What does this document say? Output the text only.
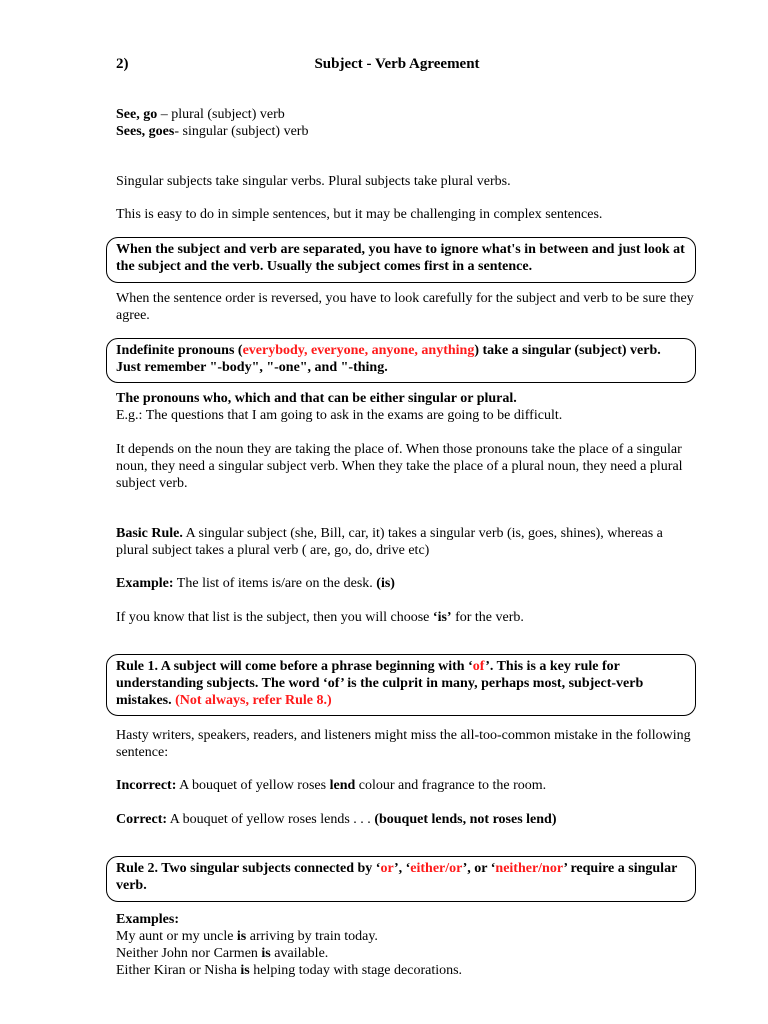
2)	Subject - Verb Agreement
See, go – plural (subject) verb
Sees, goes- singular (subject) verb
Singular subjects take singular verbs. Plural subjects take plural verbs.
This is easy to do in simple sentences, but it may be challenging in complex sentences.
When the subject and verb are separated, you have to ignore what's in between and just look at the subject and the verb. Usually the subject comes first in a sentence.
When the sentence order is reversed, you have to look carefully for the subject and verb to be sure they agree.
Indefinite pronouns (everybody, everyone, anyone, anything) take a singular (subject) verb. Just remember "-body", "-one", and "-thing.
The pronouns who, which and that can be either singular or plural.
E.g.: The questions that I am going to ask in the exams are going to be difficult.
It depends on the noun they are taking the place of. When those pronouns take the place of a singular noun, they need a singular subject verb. When they take the place of a plural noun, they need a plural subject verb.
Basic Rule. A singular subject (she, Bill, car, it) takes a singular verb (is, goes, shines), whereas a plural subject takes a plural verb ( are, go, do, drive etc)
Example: The list of items is/are on the desk. (is)
If you know that list is the subject, then you will choose ‘is’ for the verb.
Rule 1. A subject will come before a phrase beginning with ‘of’. This is a key rule for understanding subjects. The word ‘of’ is the culprit in many, perhaps most, subject-verb mistakes. (Not always, refer Rule 8.)
Hasty writers, speakers, readers, and listeners might miss the all-too-common mistake in the following sentence:
Incorrect: A bouquet of yellow roses lend colour and fragrance to the room.
Correct: A bouquet of yellow roses lends . . . (bouquet lends, not roses lend)
Rule 2. Two singular subjects connected by ‘or’, ‘either/or’, or ‘neither/nor’ require a singular verb.
Examples:
My aunt or my uncle is arriving by train today.
Neither John nor Carmen is available.
Either Kiran or Nisha is helping today with stage decorations.
